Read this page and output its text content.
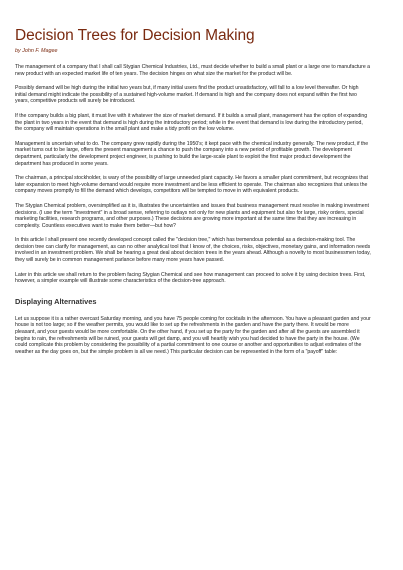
Decision Trees for Decision Making
by John F. Magee

The management of a company that I shall call Stygian Chemical Industries, Ltd., must decide whether to build a small plant or a large one to manufacture a new product with an expected market life of ten years. The decision hinges on what size the market for the product will be.

Possibly demand will be high during the initial two years but, if many initial users find the product unsatisfactory, will fall to a low level thereafter. Or high initial demand might indicate the possibility of a sustained high-volume market. If demand is high and the company does not expand within the first two years, competitive products will surely be introduced.

If the company builds a big plant, it must live with it whatever the size of market demand. If it builds a small plant, management has the option of expanding the plant in two years in the event that demand is high during the introductory period; while in the event that demand is low during the introductory period, the company will maintain operations in the small plant and make a tidy profit on the low volume.

Management is uncertain what to do. The company grew rapidly during the 1950's; it kept pace with the chemical industry generally. The new product, if the market turns out to be large, offers the present management a chance to push the company into a new period of profitable growth. The development department, particularly the development project engineer, is pushing to build the large-scale plant to exploit the first major product development the department has produced in some years.

The chairman, a principal stockholder, is wary of the possibility of large unneeded plant capacity. He favors a smaller plant commitment, but recognizes that later expansion to meet high-volume demand would require more investment and be less efficient to operate. The chairman also recognizes that unless the company moves promptly to fill the demand which develops, competitors will be tempted to move in with equivalent products.

The Stygian Chemical problem, oversimplified as it is, illustrates the uncertainties and issues that business management must resolve in making investment decisions. (I use the term "investment" in a broad sense, referring to outlays not only for new plants and equipment but also for large, risky orders, special marketing facilities, research programs, and other purposes.) These decisions are growing more important at the same time that they are increasing in complexity. Countless executives want to make them better—but how?

In this article I shall present one recently developed concept called the "decision tree," which has tremendous potential as a decision-making tool. The decision tree can clarify for management, as can no other analytical tool that I know of, the choices, risks, objectives, monetary gains, and information needs involved in an investment problem. We shall be hearing a great deal about decision trees in the years ahead. Although a novelty to most businessmen today, they will surely be in common management parlance before many more years have passed.

Later in this article we shall return to the problem facing Stygian Chemical and see how management can proceed to solve it by using decision trees. First, however, a simpler example will illustrate some characteristics of the decision-tree approach.

Displaying Alternatives

Let us suppose it is a rather overcast Saturday morning, and you have 75 people coming for cocktails in the afternoon. You have a pleasant garden and your house is not too large; so if the weather permits, you would like to set up the refreshments in the garden and have the party there. It would be more pleasant, and your guests would be more comfortable. On the other hand, if you set up the party for the garden and after all the guests are assembled it begins to rain, the refreshments will be ruined, your guests will get damp, and you will heartily wish you had decided to have the party in the house. (We could complicate this problem by considering the possibility of a partial commitment to one course or another and opportunities to adjust estimates of the weather as the day goes on, but the simple problem is all we need.) This particular decision can be represented in the form of a "payoff" table:
